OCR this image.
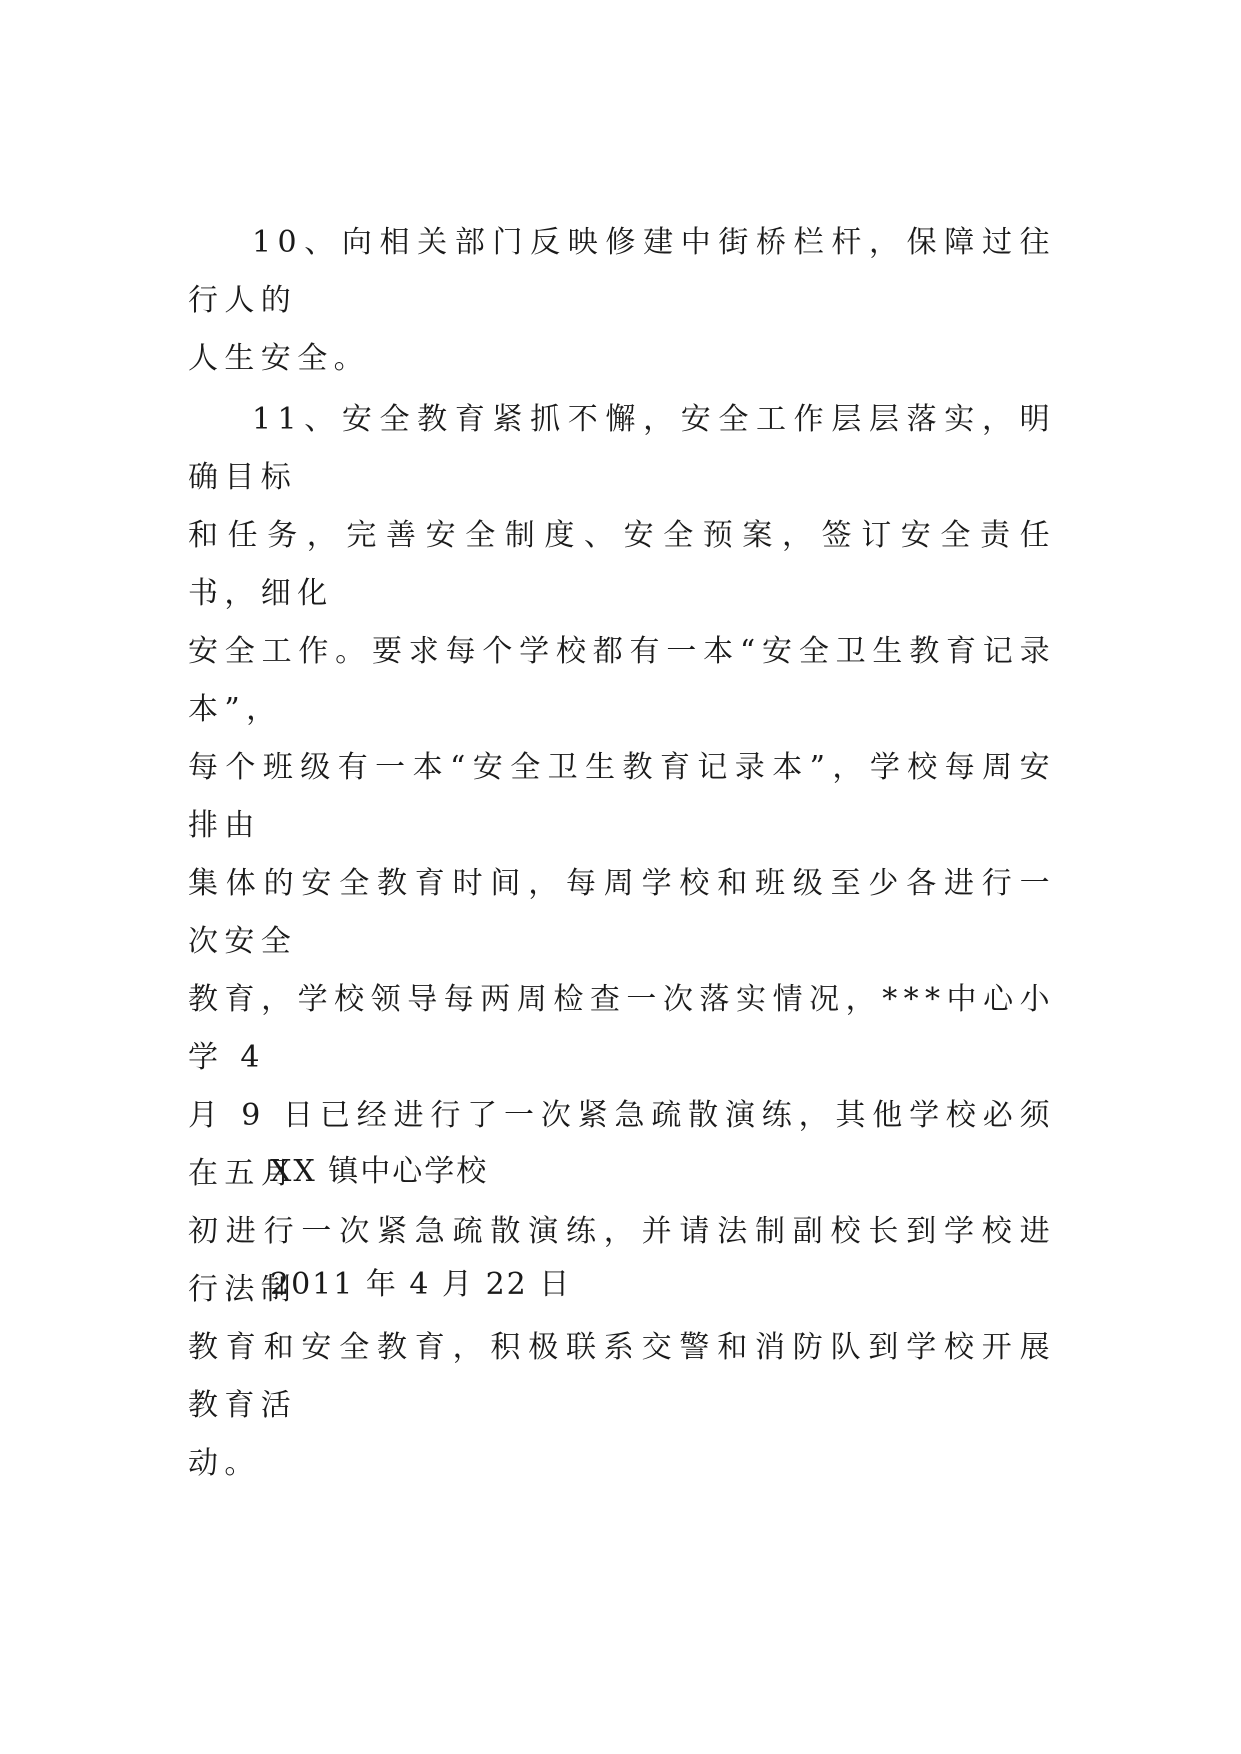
10、向相关部门反映修建中街桥栏杆，保障过往行人的
人生安全。
11、安全教育紧抓不懈，安全工作层层落实，明确目标
和任务，完善安全制度、安全预案，签订安全责任书，细化
安全工作。要求每个学校都有一本“安全卫生教育记录本”，
每个班级有一本“安全卫生教育记录本”，学校每周安排由
集体的安全教育时间，每周学校和班级至少各进行一次安全
教育，学校领导每两周检查一次落实情况，***中心小学 4
月 9 日已经进行了一次紧急疏散演练，其他学校必须在五月
初进行一次紧急疏散演练，并请法制副校长到学校进行法制
教育和安全教育，积极联系交警和消防队到学校开展教育活
动。
XX 镇中心学校
2011 年 4 月 22 日
